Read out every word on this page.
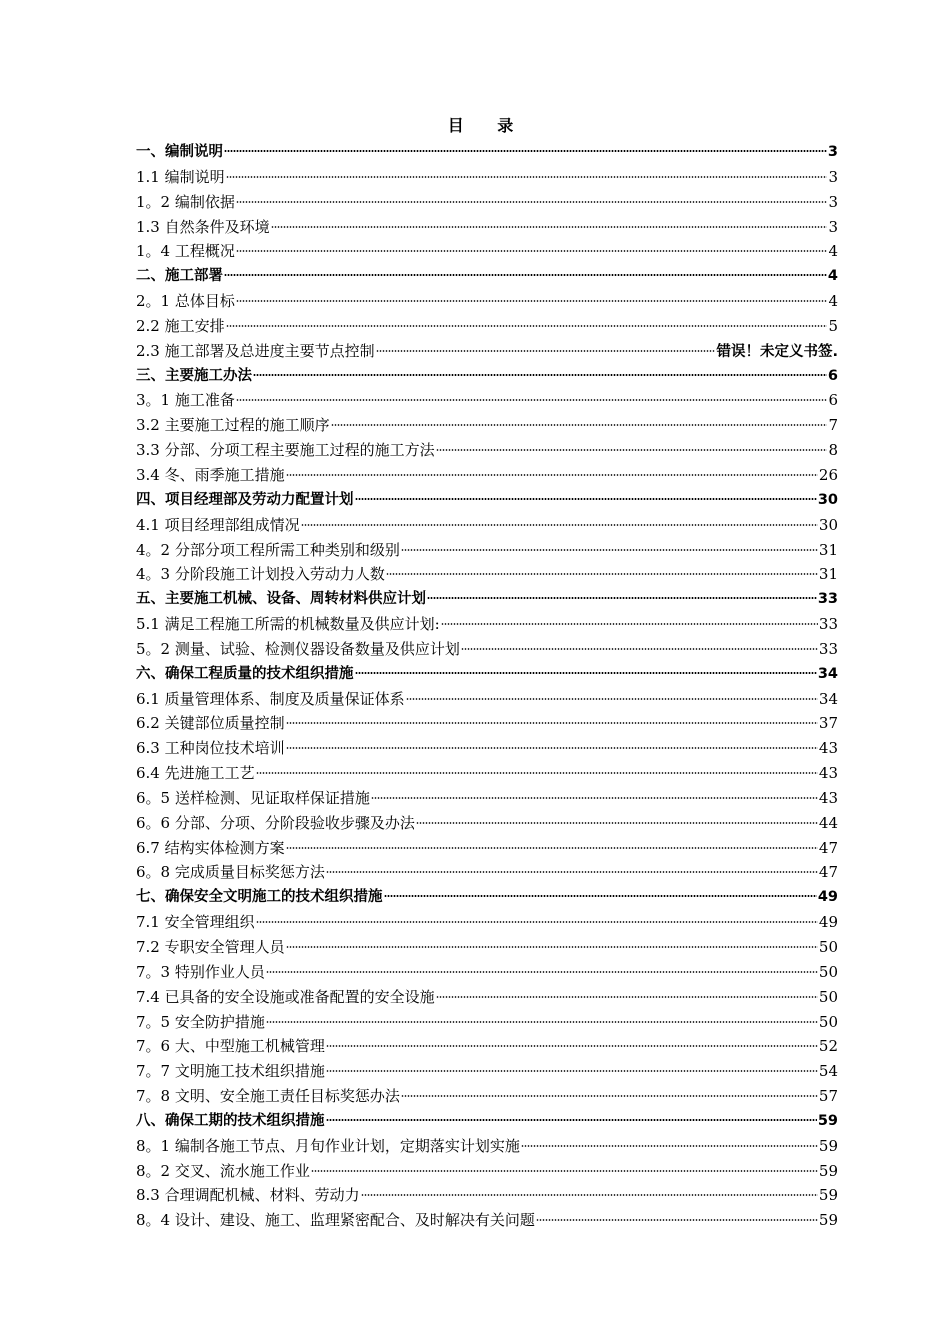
目 录
一、编制说明	3
1.1 编制说明	3
1。2 编制依据	3
1.3 自然条件及环境	3
1。4 工程概况	4
二、施工部署	4
2。1 总体目标	4
2.2 施工安排	5
2.3 施工部署及总进度主要节点控制	错误！未定义书签.
三、主要施工办法	6
3。1 施工准备	6
3.2 主要施工过程的施工顺序	7
3.3 分部、分项工程主要施工过程的施工方法	8
3.4 冬、雨季施工措施	26
四、项目经理部及劳动力配置计划	30
4.1 项目经理部组成情况	30
4。2 分部分项工程所需工种类别和级别	31
4。3 分阶段施工计划投入劳动力人数	31
五、主要施工机械、设备、周转材料供应计划	33
5.1 满足工程施工所需的机械数量及供应计划:	33
5。2 测量、试验、检测仪器设备数量及供应计划	33
六、确保工程质量的技术组织措施	34
6.1 质量管理体系、制度及质量保证体系	34
6.2 关键部位质量控制	37
6.3 工种岗位技术培训	43
6.4 先进施工工艺	43
6。5 送样检测、见证取样保证措施	43
6。6 分部、分项、分阶段验收步骤及办法	44
6.7 结构实体检测方案	47
6。8 完成质量目标奖惩方法	47
七、确保安全文明施工的技术组织措施	49
7.1 安全管理组织	49
7.2 专职安全管理人员	50
7。3 特别作业人员	50
7.4 已具备的安全设施或准备配置的安全设施	50
7。5 安全防护措施	50
7。6 大、中型施工机械管理	52
7。7 文明施工技术组织措施	54
7。8 文明、安全施工责任目标奖惩办法	57
八、确保工期的技术组织措施	59
8。1 编制各施工节点、月旬作业计划，定期落实计划实施	59
8。2 交叉、流水施工作业	59
8.3 合理调配机械、材料、劳动力	59
8。4 设计、建设、施工、监理紧密配合、及时解决有关问题	59
